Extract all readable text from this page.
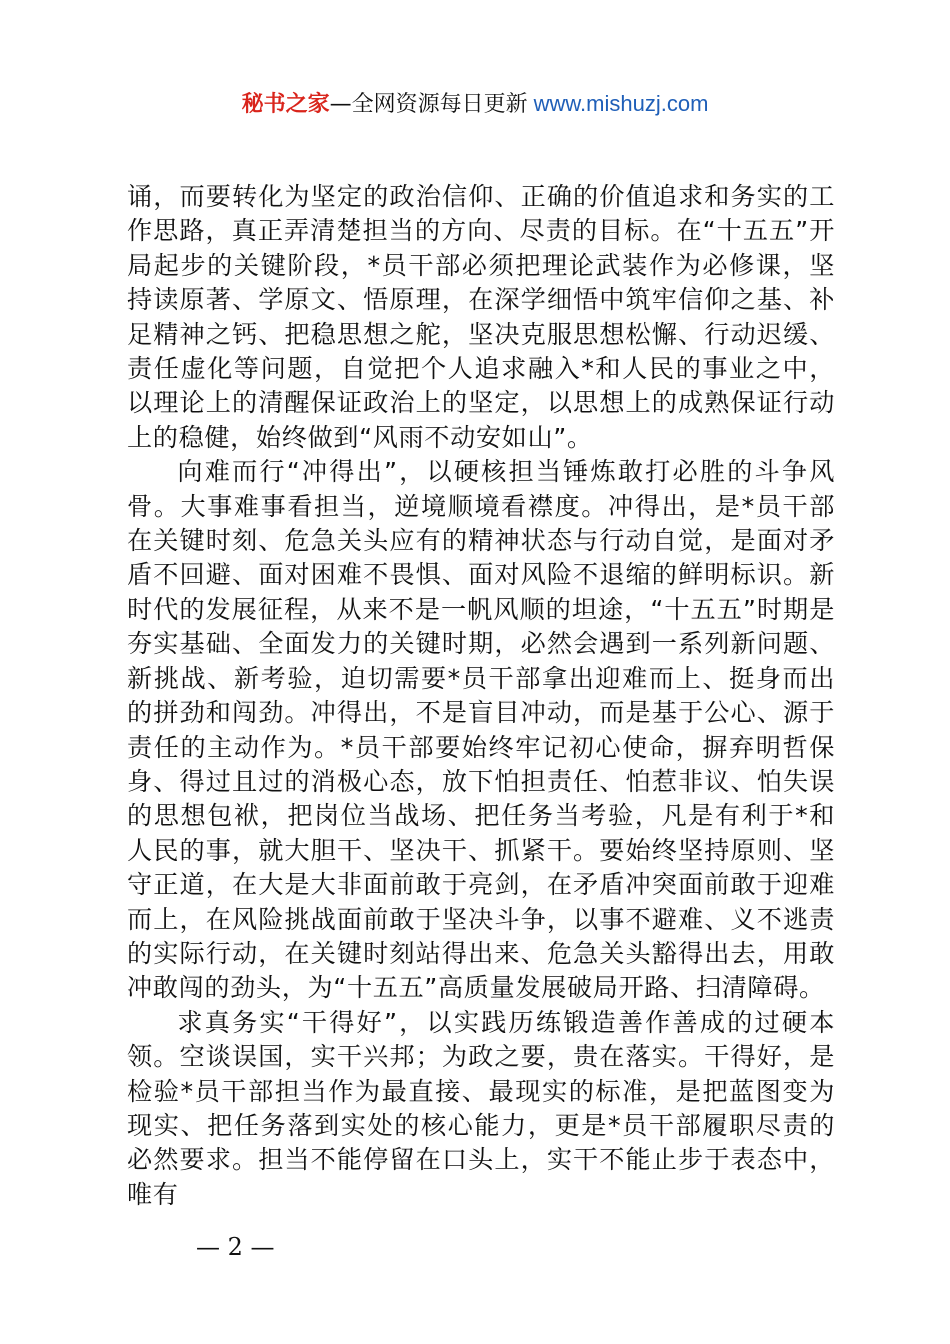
秘书之家—全网资源每日更新 www.mishuzj.com

诵，而要转化为坚定的政治信仰、正确的价值追求和务实的工作思路，真正弄清楚担当的方向、尽责的目标。在“十五五”开局起步的关键阶段，*员干部必须把理论武装作为必修课，坚持读原著、学原文、悟原理，在深学细悟中筑牢信仰之基、补足精神之钙、把稳思想之舵，坚决克服思想松懈、行动迟缓、责任虚化等问题，自觉把个人追求融入*和人民的事业之中，以理论上的清醒保证政治上的坚定，以思想上的成熟保证行动上的稳健，始终做到“风雨不动安如山”。

向难而行“冲得出”，以硬核担当锤炼敢打必胜的斗争风骨。大事难事看担当，逆境顺境看襟度。冲得出，是*员干部在关键时刻、危急关头应有的精神状态与行动自觉，是面对矛盾不回避、面对困难不畏惧、面对风险不退缩的鲜明标识。新时代的发展征程，从来不是一帆风顺的坦途，“十五五”时期是夯实基础、全面发力的关键时期，必然会遇到一系列新问题、新挑战、新考验，迫切需要*员干部拿出迎难而上、挺身而出的拼劲和闯劲。冲得出，不是盲目冲动，而是基于公心、源于责任的主动作为。*员干部要始终牢记初心使命，摒弃明哲保身、得过且过的消极心态，放下怕担责任、怕惹非议、怕失误的思想包袱，把岗位当战场、把任务当考验，凡是有利于*和人民的事，就大胆干、坚决干、抓紧干。要始终坚持原则、坚守正道，在大是大非面前敢于亮剑，在矛盾冲突面前敢于迎难而上，在风险挑战面前敢于坚决斗争，以事不避难、义不逃责的实际行动，在关键时刻站得出来、危急关头豁得出去，用敢冲敢闯的劲头，为“十五五”高质量发展破局开路、扫清障碍。

求真务实“干得好”，以实践历练锻造善作善成的过硬本领。空谈误国，实干兴邦；为政之要，贵在落实。干得好，是检验*员干部担当作为最直接、最现实的标准，是把蓝图变为现实、把任务落到实处的核心能力，更是*员干部履职尽责的必然要求。担当不能停留在口头上，实干不能止步于表态中，唯有

— 2 —
